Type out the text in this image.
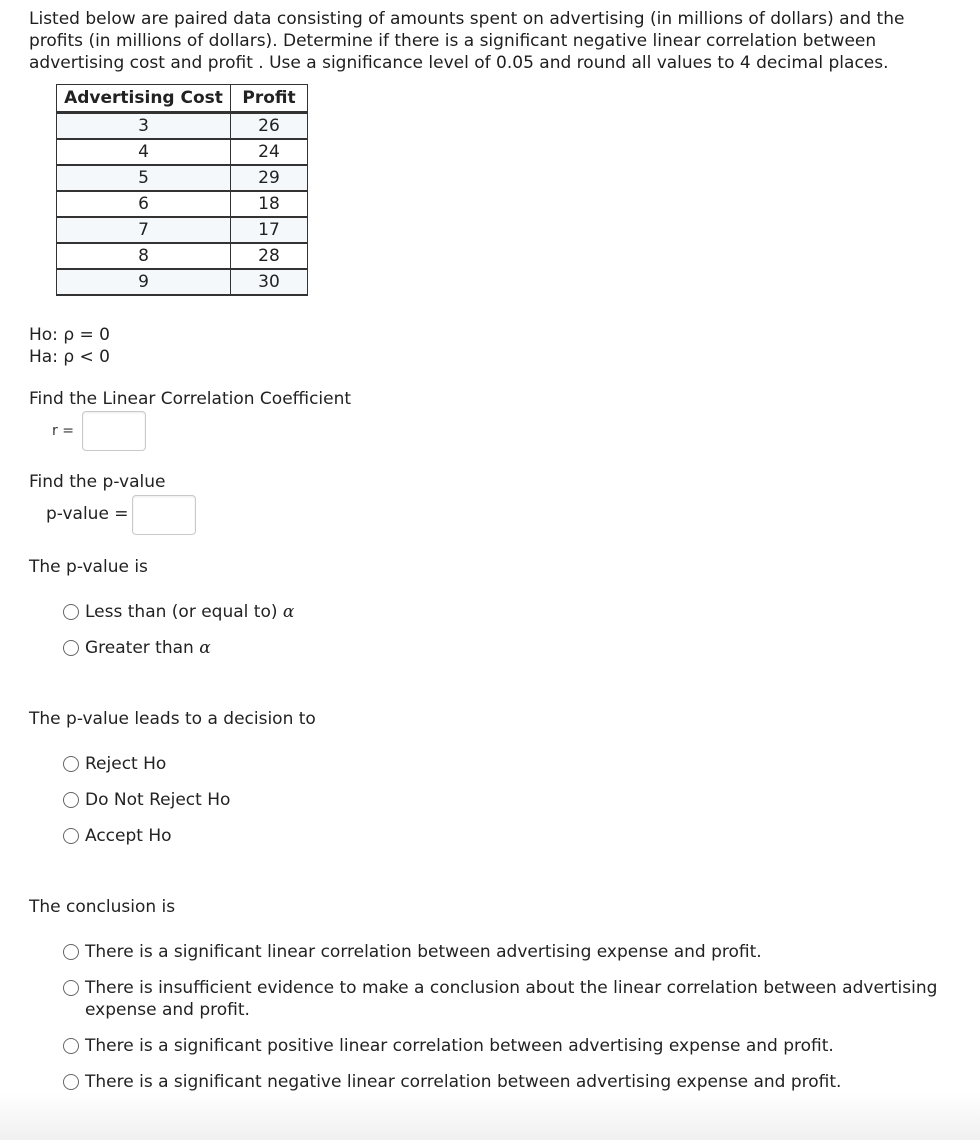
Listed below are paired data consisting of amounts spent on advertising (in millions of dollars) and the profits (in millions of dollars). Determine if there is a significant negative linear correlation between advertising cost and profit . Use a significance level of 0.05 and round all values to 4 decimal places.
Advertising Cost	Profit
3	26
4	24
5	29
6	18
7	17
8	28
9	30
Ho: ρ = 0
Ha: ρ < 0
Find the Linear Correlation Coefficient
r =
Find the p-value
p-value =
The p-value is
Less than (or equal to)
α
Greater than
α
The p-value leads to a decision to
Reject Ho
Do Not Reject Ho
Accept Ho
The conclusion is
There is a significant linear correlation between advertising expense and profit.
There is insufficient evidence to make a conclusion about the linear correlation between advertising expense and profit.
There is a significant positive linear correlation between advertising expense and profit.
There is a significant negative linear correlation between advertising expense and profit.
